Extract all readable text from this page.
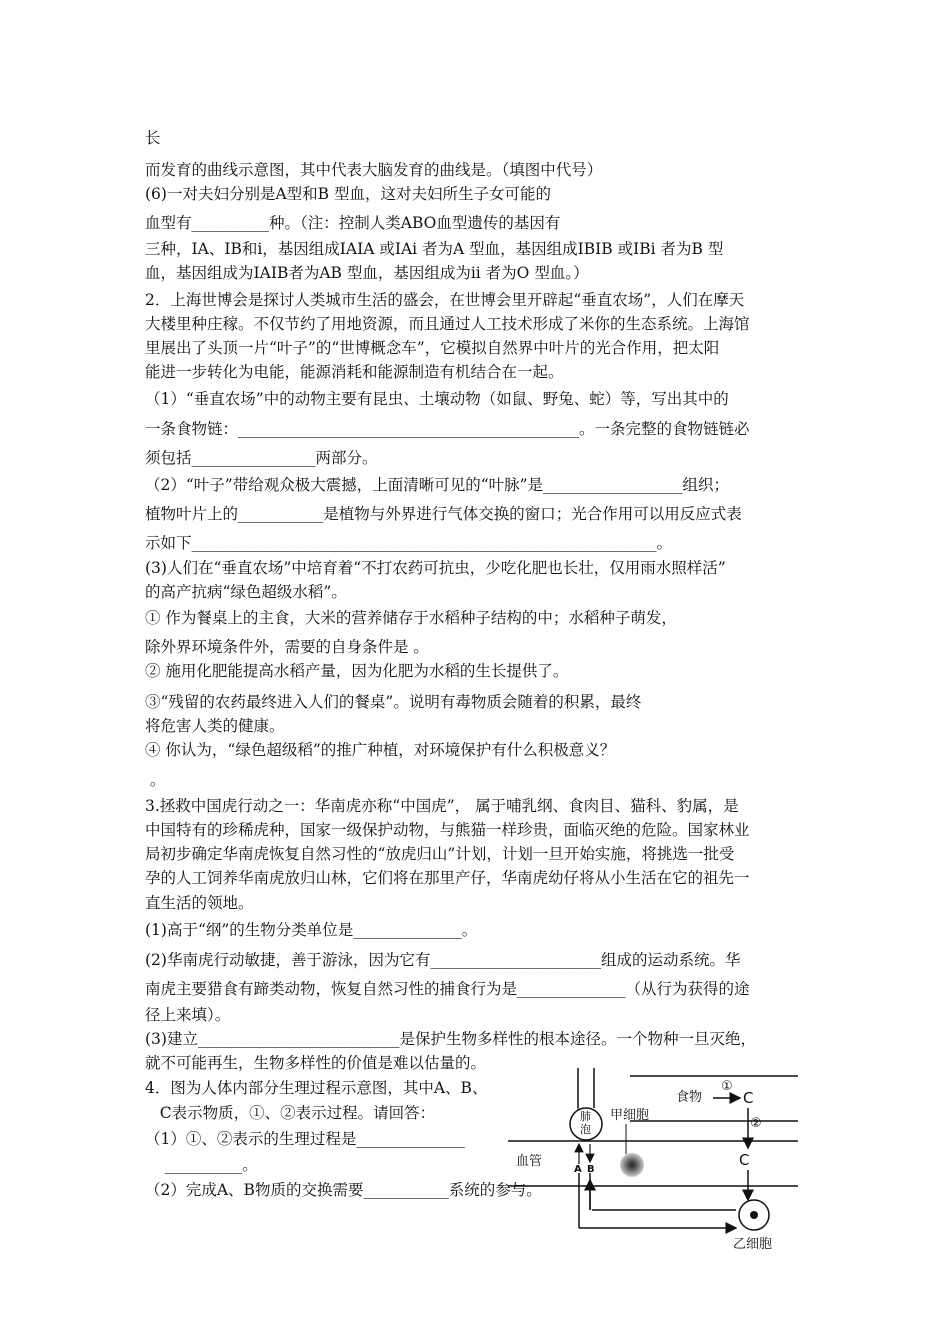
长
而发育的曲线示意图，其中代表大脑发育的曲线是。（填图中代号）
(6)一对夫妇分别是A型和B 型血，这对夫妇所生子女可能的
血型有__________种。（注：控制人类ABO血型遗传的基因有
三种，IA、IB和i，基因组成IAIA 或IAi 者为A 型血，基因组成IBIB 或IBi 者为B 型
血，基因组成为IAIB者为AB 型血，基因组成为ii 者为O 型血。）
2．上海世博会是探讨人类城市生活的盛会，在世博会里开辟起“垂直农场”，人们在摩天
大楼里种庄稼。不仅节约了用地资源，而且通过人工技术形成了米你的生态系统。上海馆
里展出了头顶一片“叶子”的“世博概念车”，它模拟自然界中叶片的光合作用，把太阳
能进一步转化为电能，能源消耗和能源制造有机结合在一起。
（1）“垂直农场”中的动物主要有昆虫、土壤动物（如鼠、野兔、蛇）等，写出其中的
一条食物链：____________________________________________。一条完整的食物链链必
须包括________________两部分。
（2）“叶子”带给观众极大震撼，上面清晰可见的“叶脉”是__________________组织；
植物叶片上的___________是植物与外界进行气体交换的窗口；光合作用可以用反应式表
示如下____________________________________________________________。
(3)人们在“垂直农场”中培育着“不打农药可抗虫，少吃化肥也长壮，仅用雨水照样活”
的高产抗病“绿色超级水稻”。
① 作为餐桌上的主食，大米的营养储存于水稻种子结构的中；水稻种子萌发，
除外界环境条件外，需要的自身条件是 。
② 施用化肥能提高水稻产量，因为化肥为水稻的生长提供了。
③“残留的农药最终进入人们的餐桌”。说明有毒物质会随着的积累，最终
将危害人类的健康。
④ 你认为，“绿色超级稻”的推广种植，对环境保护有什么积极意义？
。
3.拯救中国虎行动之一：华南虎亦称“中国虎”， 属于哺乳纲、食肉目、猫科、豹属，是
中国特有的珍稀虎种，国家一级保护动物，与熊猫一样珍贵，面临灭绝的危险。国家林业
局初步确定华南虎恢复自然习性的“放虎归山”计划，计划一旦开始实施，将挑选一批受
孕的人工饲养华南虎放归山林，它们将在那里产仔，华南虎幼仔将从小生活在它的祖先一
直生活的领地。
(1)高于“纲”的生物分类单位是______________。
(2)华南虎行动敏捷，善于游泳，因为它有______________________组成的运动系统。华
南虎主要猎食有蹄类动物，恢复自然习性的捕食行为是______________（从行为获得的途
径上来填）。
(3)建立__________________________是保护生物多样性的根本途径。一个物种一旦灭绝，
就不可能再生，生物多样性的价值是难以估量的。
4．图为人体内部分生理过程示意图，其中A、B、
C表示物质，①、②表示过程。请回答：
（1）①、②表示的生理过程是______________
__________。
（2）完成A、B物质的交换需要___________系统的参与。
肺
泡
A B
甲细胞
食物
①
C
②
C
血管
乙细胞
